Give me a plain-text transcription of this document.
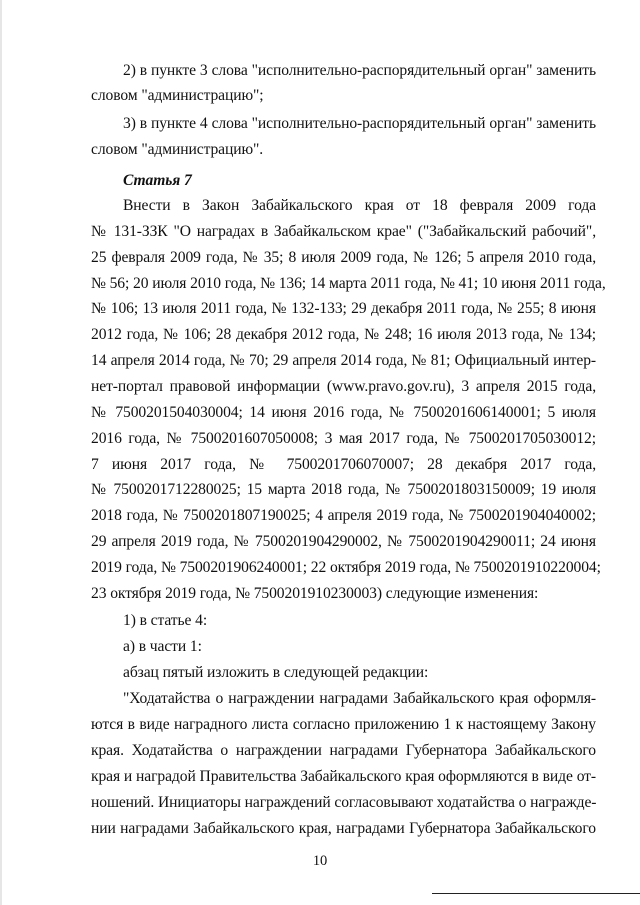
2) в пункте 3 слова "исполнительно-распорядительный орган" заменить
словом "администрацию";
3) в пункте 4 слова "исполнительно-распорядительный орган" заменить
словом "администрацию".
Статья 7
Внести в Закон Забайкальского края от 18 февраля 2009 года
№ 131-ЗЗК "О наградах в Забайкальском крае" ("Забайкальский рабочий",
25 февраля 2009 года, № 35; 8 июля 2009 года, № 126; 5 апреля 2010 года,
№ 56; 20 июля 2010 года, № 136; 14 марта 2011 года, № 41; 10 июня 2011 года,
№ 106; 13 июля 2011 года, № 132-133; 29 декабря 2011 года, № 255; 8 июня
2012 года, № 106; 28 декабря 2012 года, № 248; 16 июля 2013 года, № 134;
14 апреля 2014 года, № 70; 29 апреля 2014 года, № 81; Официальный интер-
нет-портал правовой информации (www.pravo.gov.ru), 3 апреля 2015 года,
№ 7500201504030004; 14 июня 2016 года, № 7500201606140001; 5 июля
2016 года, № 7500201607050008; 3 мая 2017 года, № 7500201705030012;
7 июня 2017 года, № 7500201706070007; 28 декабря 2017 года,
№ 7500201712280025; 15 марта 2018 года, № 7500201803150009; 19 июля
2018 года, № 7500201807190025; 4 апреля 2019 года, № 7500201904040002;
29 апреля 2019 года, № 7500201904290002, № 7500201904290011; 24 июня
2019 года, № 7500201906240001; 22 октября 2019 года, № 7500201910220004;
23 октября 2019 года, № 7500201910230003) следующие изменения:
1) в статье 4:
а) в части 1:
абзац пятый изложить в следующей редакции:
"Ходатайства о награждении наградами Забайкальского края оформля-
ются в виде наградного листа согласно приложению 1 к настоящему Закону
края. Ходатайства о награждении наградами Губернатора Забайкальского
края и наградой Правительства Забайкальского края оформляются в виде от-
ношений. Инициаторы награждений согласовывают ходатайства о награжде-
нии наградами Забайкальского края, наградами Губернатора Забайкальского
10
